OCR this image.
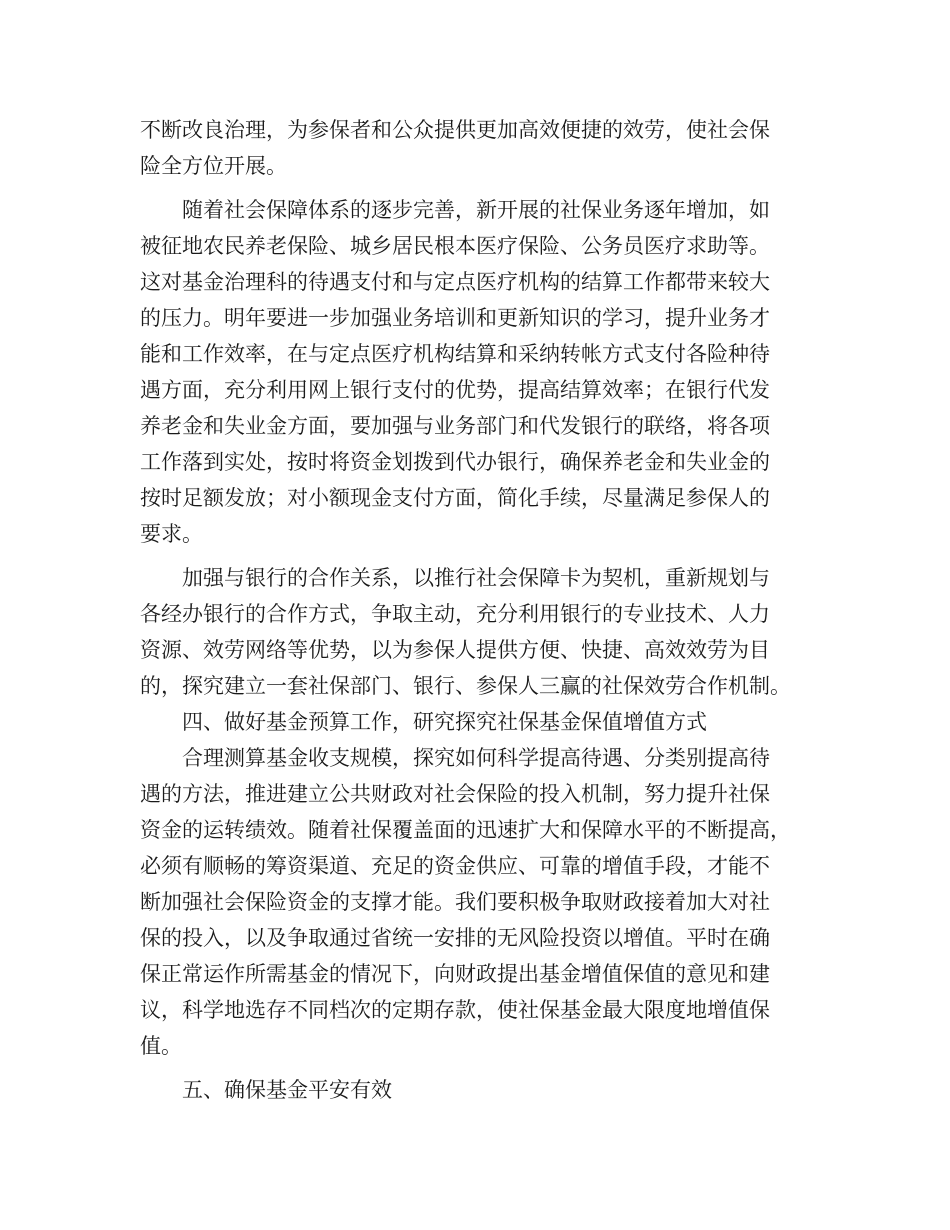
不断改良治理，为参保者和公众提供更加高效便捷的效劳，使社会保
险全方位开展。
随着社会保障体系的逐步完善，新开展的社保业务逐年增加，如
被征地农民养老保险、城乡居民根本医疗保险、公务员医疗求助等。
这对基金治理科的待遇支付和与定点医疗机构的结算工作都带来较大
的压力。明年要进一步加强业务培训和更新知识的学习，提升业务才
能和工作效率，在与定点医疗机构结算和采纳转帐方式支付各险种待
遇方面，充分利用网上银行支付的优势，提高结算效率；在银行代发
养老金和失业金方面，要加强与业务部门和代发银行的联络，将各项
工作落到实处，按时将资金划拨到代办银行，确保养老金和失业金的
按时足额发放；对小额现金支付方面，简化手续，尽量满足参保人的
要求。
加强与银行的合作关系，以推行社会保障卡为契机，重新规划与
各经办银行的合作方式，争取主动，充分利用银行的专业技术、人力
资源、效劳网络等优势，以为参保人提供方便、快捷、高效效劳为目
的，探究建立一套社保部门、银行、参保人三赢的社保效劳合作机制。
四、做好基金预算工作，研究探究社保基金保值增值方式
合理测算基金收支规模，探究如何科学提高待遇、分类别提高待
遇的方法，推进建立公共财政对社会保险的投入机制，努力提升社保
资金的运转绩效。随着社保覆盖面的迅速扩大和保障水平的不断提高，
必须有顺畅的筹资渠道、充足的资金供应、可靠的增值手段，才能不
断加强社会保险资金的支撑才能。我们要积极争取财政接着加大对社
保的投入，以及争取通过省统一安排的无风险投资以增值。平时在确
保正常运作所需基金的情况下，向财政提出基金增值保值的意见和建
议，科学地选存不同档次的定期存款，使社保基金最大限度地增值保
值。
五、确保基金平安有效
